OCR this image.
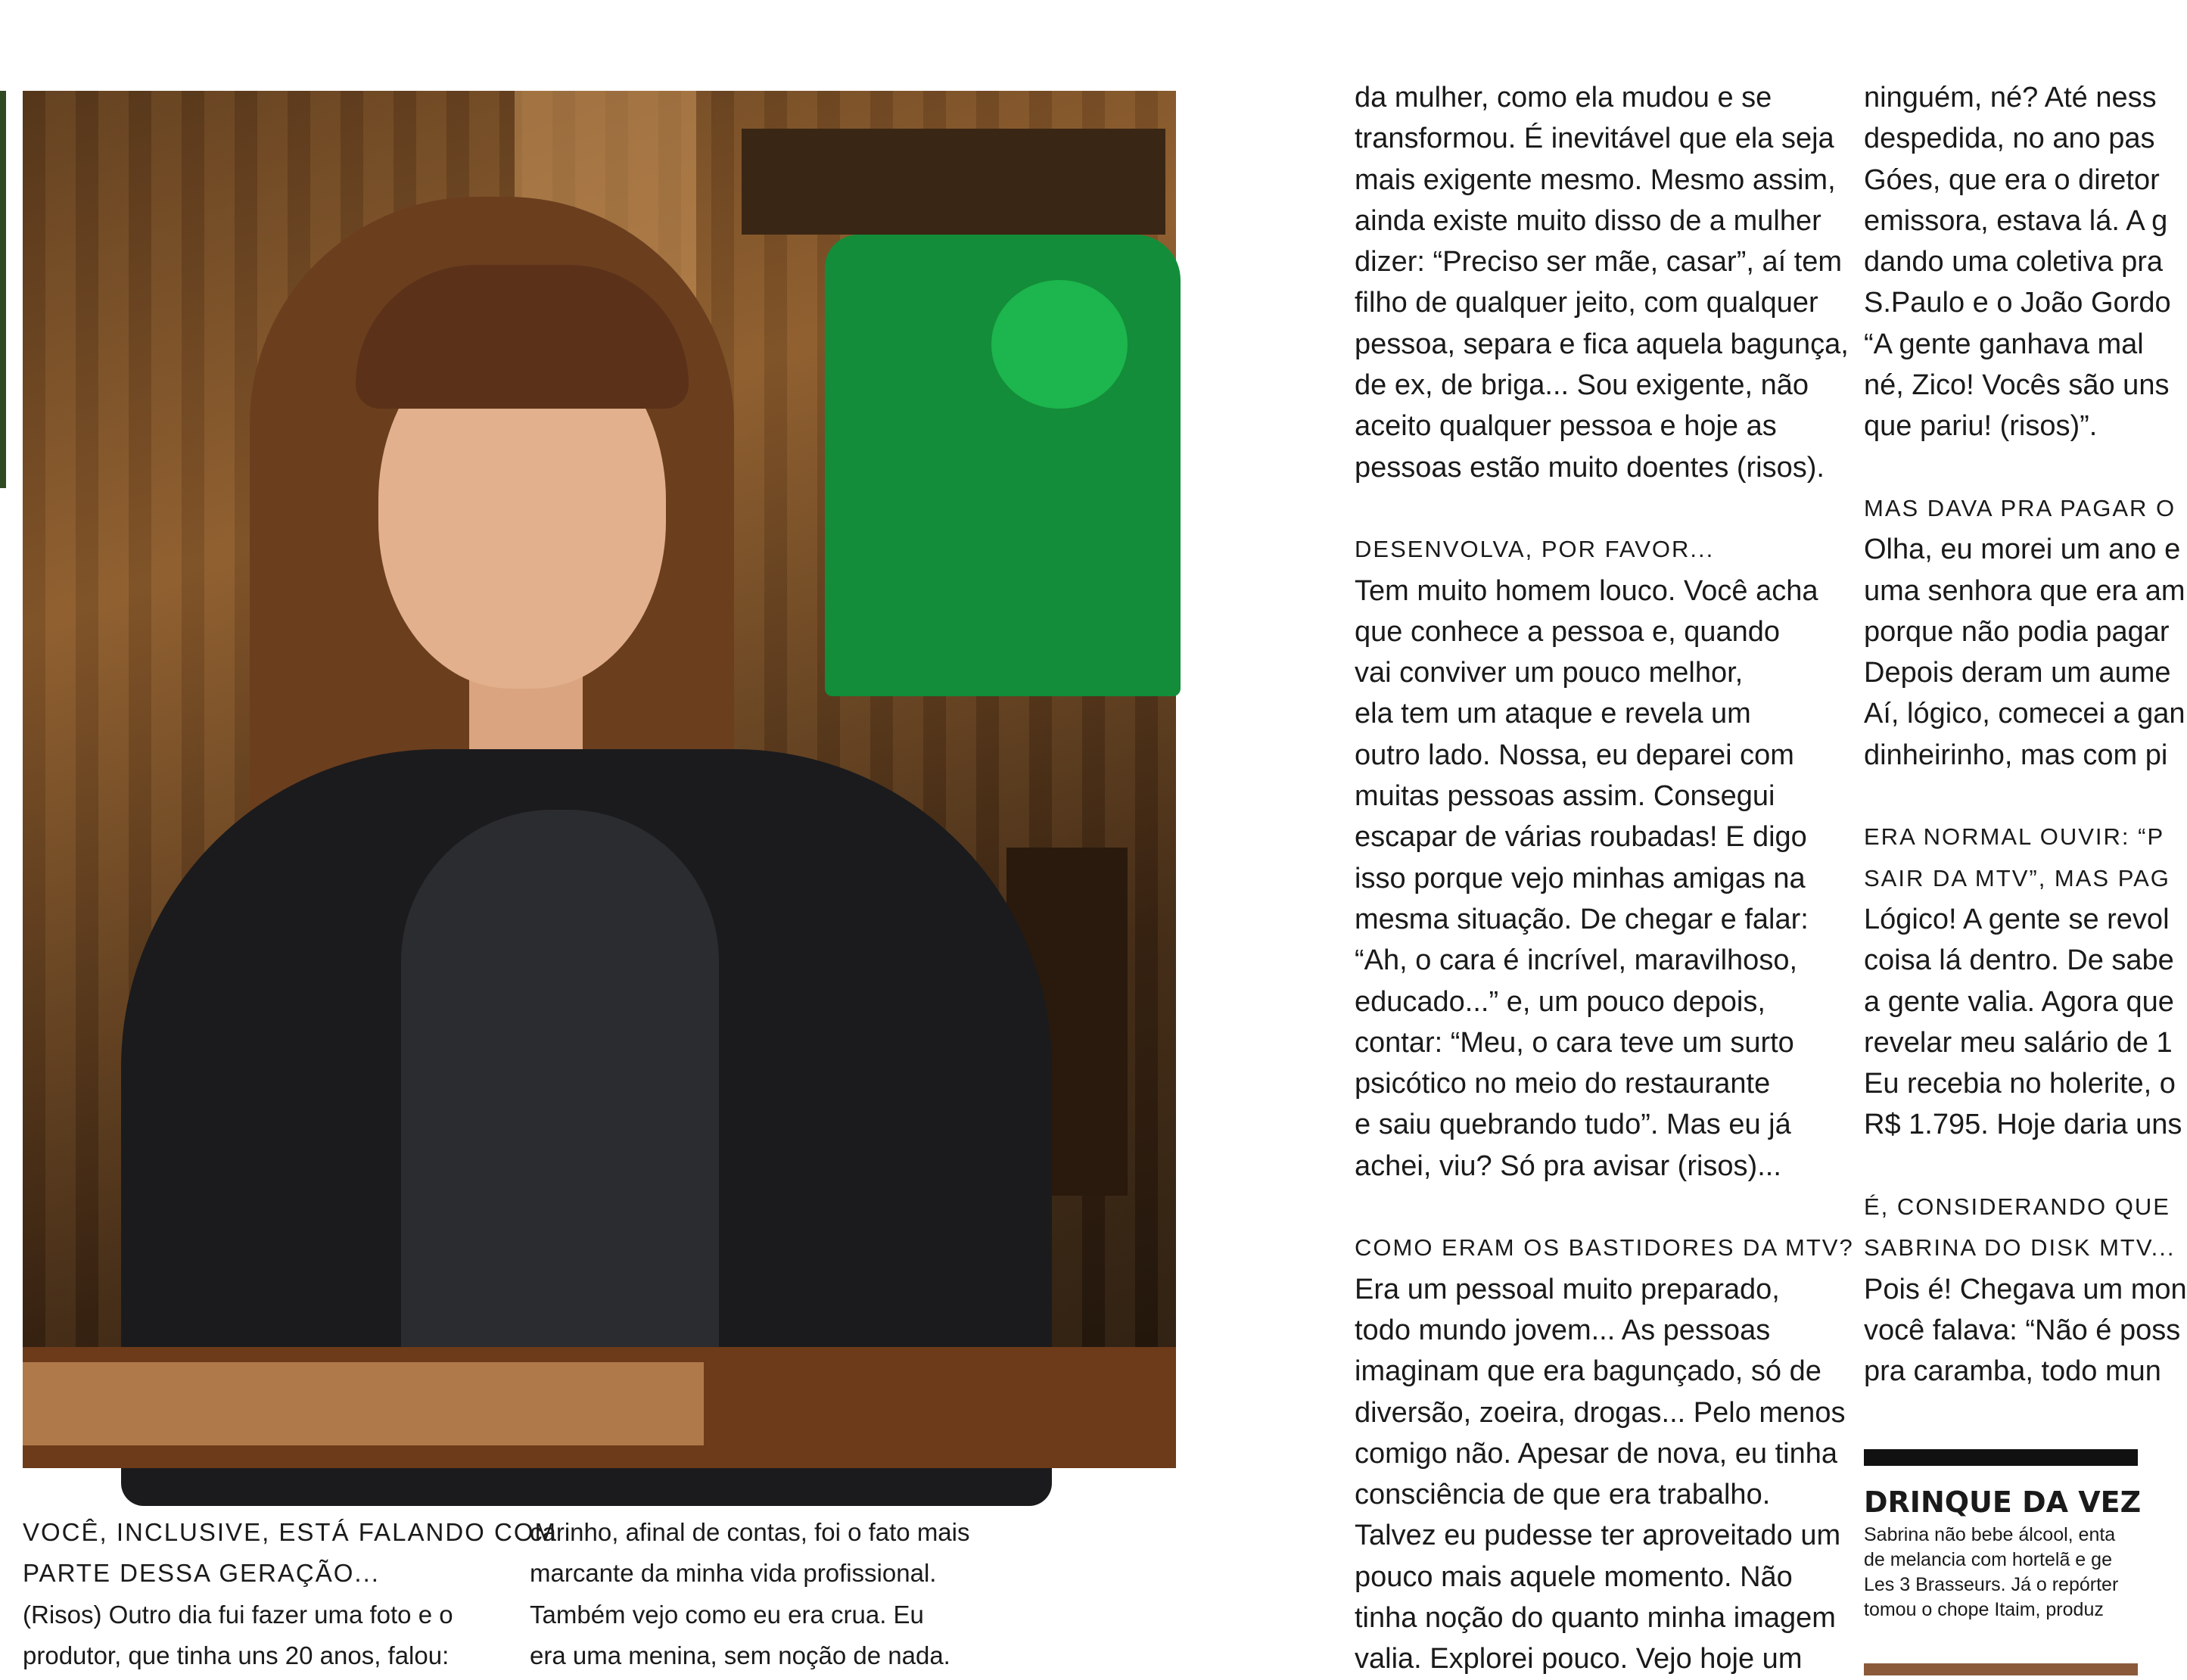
VOCÊ, INCLUSIVE, ESTÁ FALANDO COM
PARTE DESSA GERAÇÃO...
(Risos) Outro dia fui fazer uma foto e o
produtor, que tinha uns 20 anos, falou:
carinho, afinal de contas, foi o fato mais
marcante da minha vida profissional.
Também vejo como eu era crua. Eu
era uma menina, sem noção de nada.
da mulher, como ela mudou e se
transformou. É inevitável que ela seja
mais exigente mesmo. Mesmo assim,
ainda existe muito disso de a mulher
dizer: “Preciso ser mãe, casar”, aí tem
filho de qualquer jeito, com qualquer
pessoa, separa e fica aquela bagunça,
de ex, de briga... Sou exigente, não
aceito qualquer pessoa e hoje as
pessoas estão muito doentes (risos).
DESENVOLVA, POR FAVOR...
Tem muito homem louco. Você acha
que conhece a pessoa e, quando
vai conviver um pouco melhor,
ela tem um ataque e revela um
outro lado. Nossa, eu deparei com
muitas pessoas assim. Consegui
escapar de várias roubadas! E digo
isso porque vejo minhas amigas na
mesma situação. De chegar e falar:
“Ah, o cara é incrível, maravilhoso,
educado...” e, um pouco depois,
contar: “Meu, o cara teve um surto
psicótico no meio do restaurante
e saiu quebrando tudo”. Mas eu já
achei, viu? Só pra avisar (risos)...
COMO ERAM OS BASTIDORES DA MTV?
Era um pessoal muito preparado,
todo mundo jovem... As pessoas
imaginam que era bagunçado, só de
diversão, zoeira, drogas... Pelo menos
comigo não. Apesar de nova, eu tinha
consciência de que era trabalho.
Talvez eu pudesse ter aproveitado um
pouco mais aquele momento. Não
tinha noção do quanto minha imagem
valia. Explorei pouco. Vejo hoje um
ninguém, né? Até ness
despedida, no ano pas
Góes, que era o diretor
emissora, estava lá. A g
dando uma coletiva pra
S.Paulo e o João Gordo
“A gente ganhava mal
né, Zico! Vocês são uns
que pariu! (risos)”.
MAS DAVA PRA PAGAR O
Olha, eu morei um ano e
uma senhora que era am
porque não podia pagar
Depois deram um aume
Aí, lógico, comecei a gan
dinheirinho, mas com pi
ERA NORMAL OUVIR: “P
SAIR DA MTV”, MAS PAG
Lógico! A gente se revol
coisa lá dentro. De sabe
a gente valia. Agora que
revelar meu salário de 1
Eu recebia no holerite, o
R$ 1.795. Hoje daria uns
É, CONSIDERANDO QUE
SABRINA DO DISK MTV...
Pois é! Chegava um mon
você falava: “Não é poss
pra caramba, todo mun
DRINQUE DA VEZ
Sabrina não bebe álcool, enta
de melancia com hortelã e ge
Les 3 Brasseurs. Já o repórter
tomou o chope Itaim, produz
